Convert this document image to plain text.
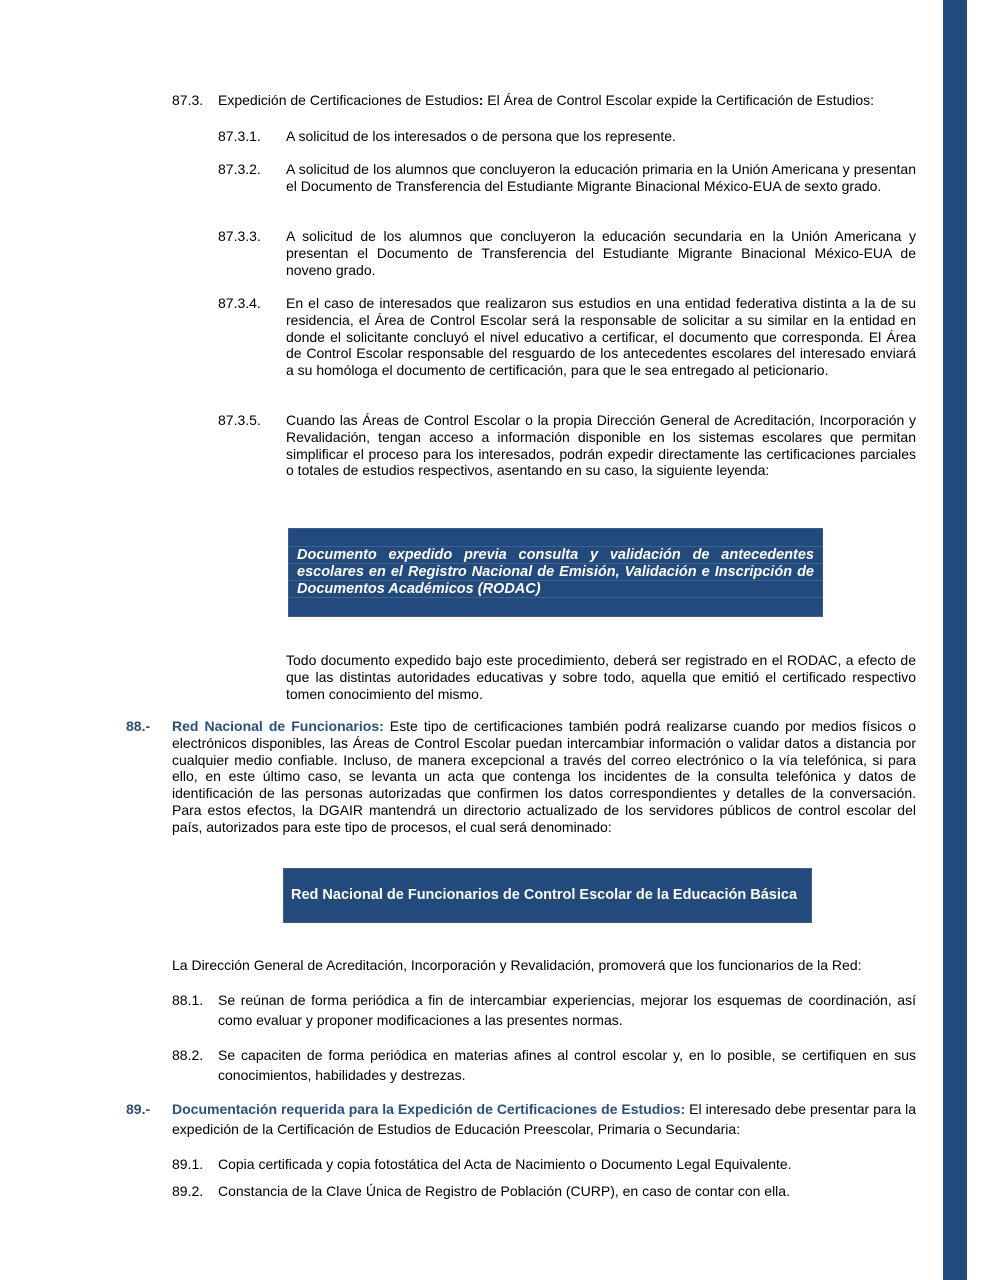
87.3. Expedición de Certificaciones de Estudios: El Área de Control Escolar expide la Certificación de Estudios:
87.3.1. A solicitud de los interesados o de persona que los represente.
87.3.2. A solicitud de los alumnos que concluyeron la educación primaria en la Unión Americana y presentan el Documento de Transferencia del Estudiante Migrante Binacional México-EUA de sexto grado.
87.3.3. A solicitud de los alumnos que concluyeron la educación secundaria en la Unión Americana y presentan el Documento de Transferencia del Estudiante Migrante Binacional México-EUA de noveno grado.
87.3.4. En el caso de interesados que realizaron sus estudios en una entidad federativa distinta a la de su residencia, el Área de Control Escolar será la responsable de solicitar a su similar en la entidad en donde el solicitante concluyó el nivel educativo a certificar, el documento que corresponda. El Área de Control Escolar responsable del resguardo de los antecedentes escolares del interesado enviará a su homóloga el documento de certificación, para que le sea entregado al peticionario.
87.3.5. Cuando las Áreas de Control Escolar o la propia Dirección General de Acreditación, Incorporación y Revalidación, tengan acceso a información disponible en los sistemas escolares que permitan simplificar el proceso para los interesados, podrán expedir directamente las certificaciones parciales o totales de estudios respectivos, asentando en su caso, la siguiente leyenda:
Documento expedido previa consulta y validación de antecedentes escolares en el Registro Nacional de Emisión, Validación e Inscripción de Documentos Académicos (RODAC)
Todo documento expedido bajo este procedimiento, deberá ser registrado en el RODAC, a efecto de que las distintas autoridades educativas y sobre todo, aquella que emitió el certificado respectivo tomen conocimiento del mismo.
88.- Red Nacional de Funcionarios: Este tipo de certificaciones también podrá realizarse cuando por medios físicos o electrónicos disponibles, las Áreas de Control Escolar puedan intercambiar información o validar datos a distancia por cualquier medio confiable. Incluso, de manera excepcional a través del correo electrónico o la vía telefónica, si para ello, en este último caso, se levanta un acta que contenga los incidentes de la consulta telefónica y datos de identificación de las personas autorizadas que confirmen los datos correspondientes y detalles de la conversación. Para estos efectos, la DGAIR mantendrá un directorio actualizado de los servidores públicos de control escolar del país, autorizados para este tipo de procesos, el cual será denominado:
Red Nacional de Funcionarios de Control Escolar de la Educación Básica
La Dirección General de Acreditación, Incorporación y Revalidación, promoverá que los funcionarios de la Red:
88.1. Se reúnan de forma periódica a fin de intercambiar experiencias, mejorar los esquemas de coordinación, así como evaluar y proponer modificaciones a las presentes normas.
88.2. Se capaciten de forma periódica en materias afines al control escolar y, en lo posible, se certifiquen en sus conocimientos, habilidades y destrezas.
89.- Documentación requerida para la Expedición de Certificaciones de Estudios: El interesado debe presentar para la expedición de la Certificación de Estudios de Educación Preescolar, Primaria o Secundaria:
89.1. Copia certificada y copia fotostática del Acta de Nacimiento o Documento Legal Equivalente.
89.2. Constancia de la Clave Única de Registro de Población (CURP), en caso de contar con ella.
